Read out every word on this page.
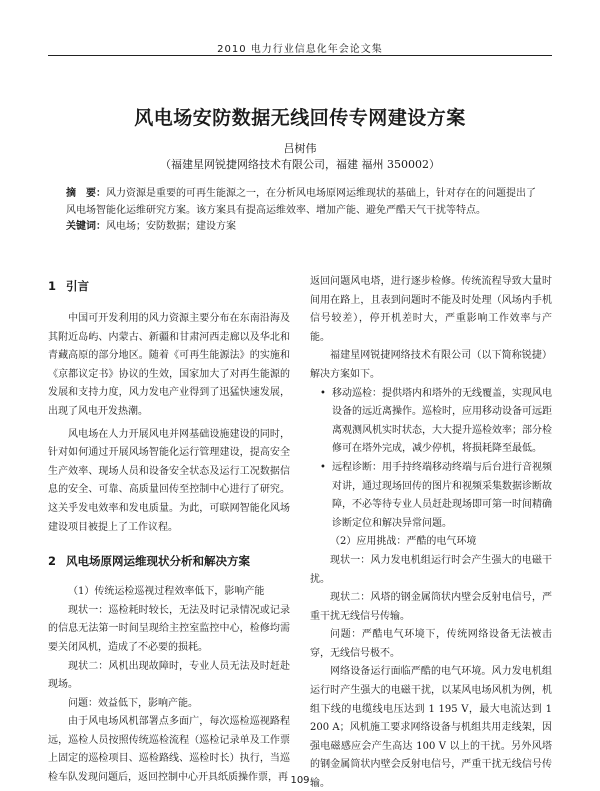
2010 电力行业信息化年会论文集
风电场安防数据无线回传专网建设方案
吕树伟
（福建星网锐捷网络技术有限公司，福建 福州 350002）

摘　要：风力资源是重要的可再生能源之一，在分析风电场原网运维现状的基础上，针对存在的问题提出了风电场智能化运维研究方案。该方案具有提高运维效率、增加产能、避免严酷天气干扰等特点。

关键词：风电场；安防数据；建设方案

1 引言

中国可开发利用的风力资源主要分布在东南沿海及其附近岛屿、内蒙古、新疆和甘肃河西走廊以及华北和青藏高原的部分地区。随着《可再生能源法》的实施和《京都议定书》协议的生效，国家加大了对再生能源的发展和支持力度，风力发电产业得到了迅猛快速发展，出现了风电开发热潮。

风电场在人力开展风电并网基础设施建设的同时，针对如何通过开展风场智能化运行管理建设，提高安全生产效率、现场人员和设备安全状态及运行工况数据信息的安全、可靠、高质量回传至控制中心进行了研究。这关乎发电效率和发电质量。为此，可联网智能化风场建设项目被提上了工作议程。

2 风电场原网运维现状分析和解决方案

（1）传统运检巡视过程效率低下，影响产能

现状一：巡检耗时较长，无法及时记录情况或记录的信息无法第一时间呈现给主控室监控中心，检修均需要关闭风机，造成了不必要的损耗。

现状二：风机出现故障时，专业人员无法及时赶赴现场。

问题：效益低下，影响产能。

由于风电场风机部署点多面广，每次巡检巡视路程远，巡检人员按照传统巡检流程（巡检记录单及工作票上固定的巡检项目、巡检路线、巡检时长）执行，当巡检车队发现问题后，返回控制中心开具纸质操作票，再

返回问题风电塔，进行逐步检修。传统流程导致大量时间用在路上，且表到问题时不能及时处理（风场内手机信号较差），停开机差时大，严重影响工作效率与产能。

福建星网锐捷网络技术有限公司（以下简称锐捷）解决方案如下。

• 移动巡检：提供塔内和塔外的无线覆盖，实现风电设备的远近离操作。巡检时，应用移动设备可远距离观测风机实时状态，大大提升巡检效率；部分检修可在塔外完成，减少停机，将损耗降至最低。

• 远程诊断：用手持终端移动终端与后台进行音视频对讲，通过现场回传的图片和视频采集数据诊断故障，不必等待专业人员赶赴现场即可第一时间精确诊断定位和解决异常问题。

（2）应用挑战：严酷的电气环境

现状一：风力发电机组运行时会产生强大的电磁干扰。

现状二：风塔的钢金属筒状内壁会反射电信号，严重干扰无线信号传输。

问题：严酷电气环境下，传统网络设备无法被击穿，无线信号极不。

网络设备运行面临严酷的电气环境。风力发电机组运行时产生强大的电磁干扰，以某风电场风机为例，机组下线的电缆线电压达到 1 195 V，最大电流达到 1 200 A；风机施工要求网络设备与机组共用走线架，因强电磁感应会产生高达 100 V 以上的干扰。另外风塔的钢金属筒状内壁会反射电信号，严重干扰无线信号传输。

109
